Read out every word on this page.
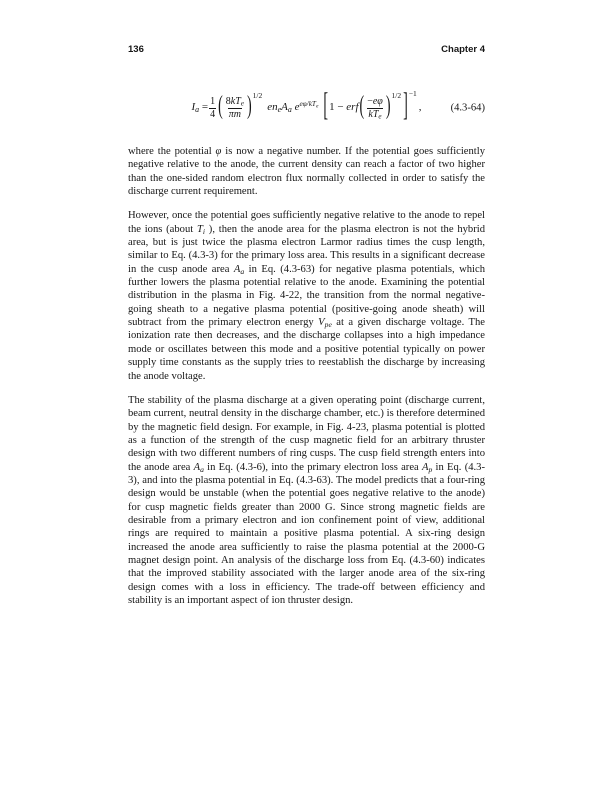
136	Chapter 4
$Ia = \frac{1}{4}$ ( $\frac{\text{8kTe}}{\pi m}$ ) 1/2
eneAa $e^{e\varphi/kTe}$ [ 1 − erf ( $\frac{-e\varphi}{\text{kTe}}$ ) 1/2 ] −1
,	(4.3-64)

where the potential φ is now a negative number. If the potential goes sufficiently negative relative to the anode, the current density can reach a factor of two higher than the one-sided random electron flux normally collected in order to satisfy the discharge current requirement.

However, once the potential goes sufficiently negative relative to the anode to repel the ions (about Ti ), then the anode area for the plasma electron is not the hybrid area, but is just twice the plasma electron Larmor radius times the cusp length, similar to Eq. (4.3-3) for the primary loss area. This results in a significant decrease in the cusp anode area Aa in Eq. (4.3-63) for negative plasma potentials, which further lowers the plasma potential relative to the anode. Examining the potential distribution in the plasma in Fig. 4-22, the transition from the normal negative-going sheath to a negative plasma potential (positive-going anode sheath) will subtract from the primary electron energy Vpe at a given discharge voltage. The ionization rate then decreases, and the discharge collapses into a high impedance mode or oscillates between this mode and a positive potential typically on power supply time constants as the supply tries to reestablish the discharge by increasing the anode voltage.

The stability of the plasma discharge at a given operating point (discharge current, beam current, neutral density in the discharge chamber, etc.) is therefore determined by the magnetic field design. For example, in Fig. 4-23, plasma potential is plotted as a function of the strength of the cusp magnetic field for an arbitrary thruster design with two different numbers of ring cusps. The cusp field strength enters into the anode area Aa in Eq. (4.3-6), into the primary electron loss area Ap in Eq. (4.3-3), and into the plasma potential in Eq. (4.3-63). The model predicts that a four-ring design would be unstable (when the potential goes negative relative to the anode) for cusp magnetic fields greater than 2000 G. Since strong magnetic fields are desirable from a primary electron and ion confinement point of view, additional rings are required to maintain a positive plasma potential. A six-ring design increased the anode area sufficiently to raise the plasma potential at the 2000-G magnet design point. An analysis of the discharge loss from Eq. (4.3-60) indicates that the improved stability associated with the larger anode area of the six-ring design comes with a loss in efficiency. The trade-off between efficiency and stability is an important aspect of ion thruster design.
